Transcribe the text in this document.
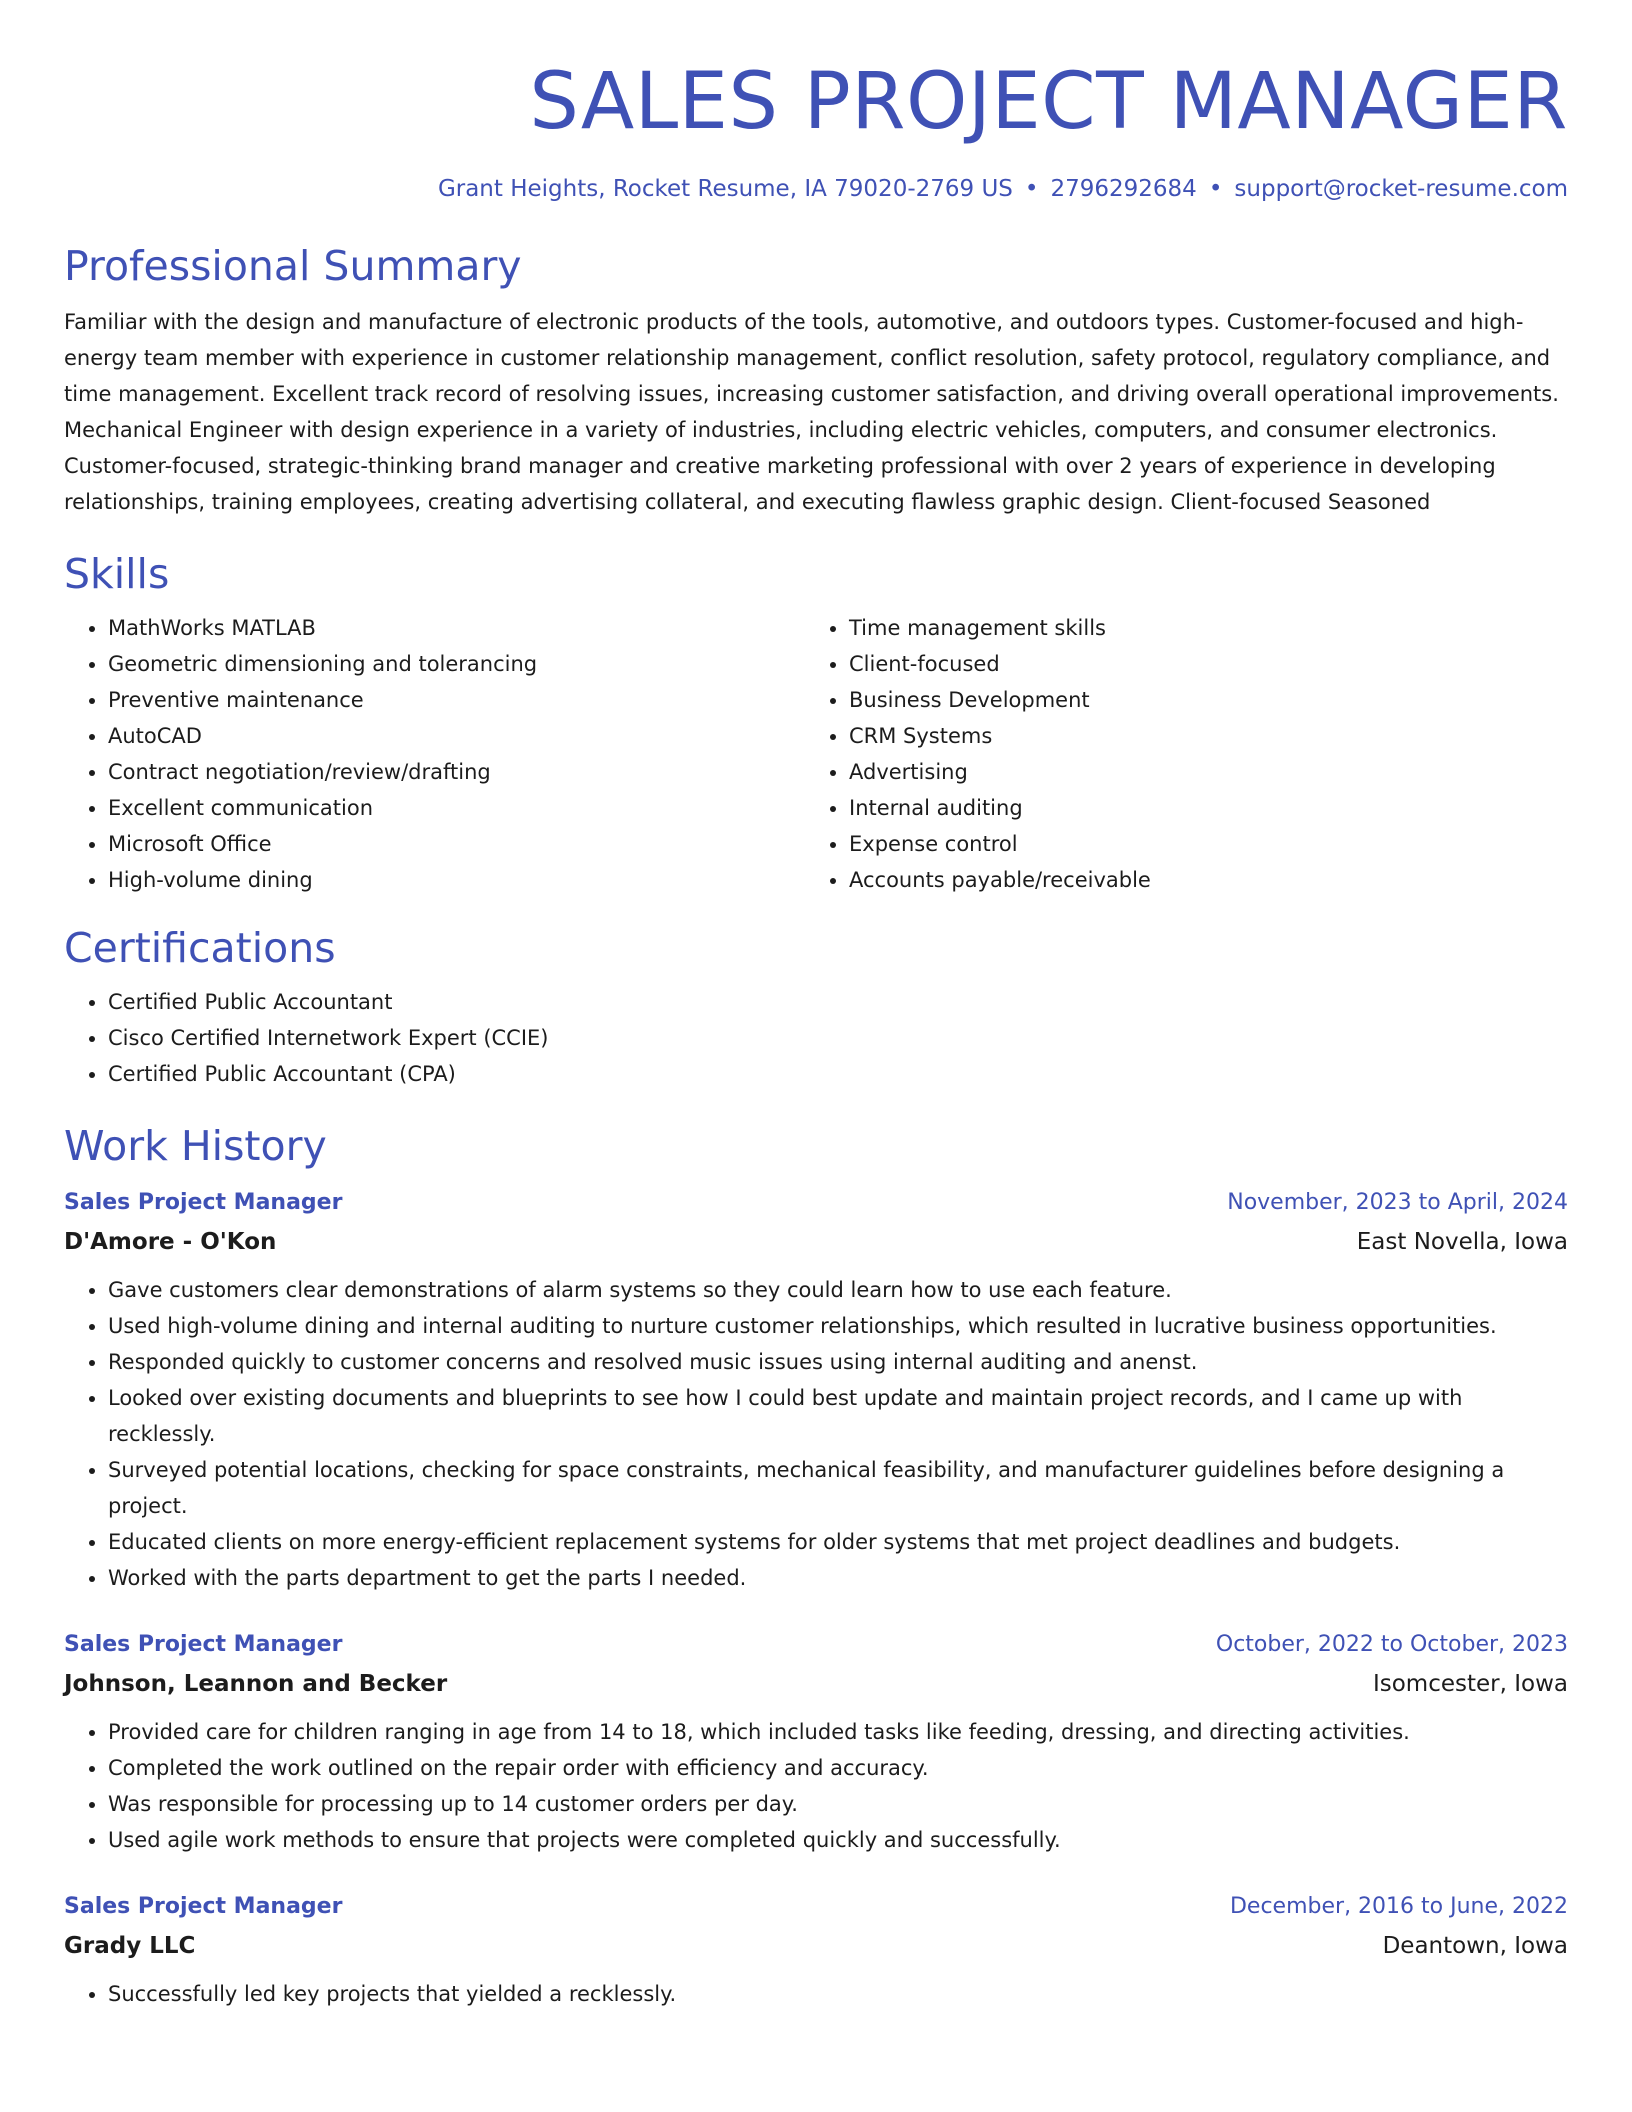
SALES PROJECT MANAGER
Grant Heights, Rocket Resume, IA 79020-2769 US • 2796292684 • support@rocket-resume.com
Professional Summary

Familiar with the design and manufacture of electronic products of the tools, automotive, and outdoors types. Customer-focused and high-energy team member with experience in customer relationship management, conflict resolution, safety protocol, regulatory compliance, and time management. Excellent track record of resolving issues, increasing customer satisfaction, and driving overall operational improvements. Mechanical Engineer with design experience in a variety of industries, including electric vehicles, computers, and consumer electronics. Customer-focused, strategic-thinking brand manager and creative marketing professional with over 2 years of experience in developing relationships, training employees, creating advertising collateral, and executing flawless graphic design. Client-focused Seasoned

Skills
• MathWorks MATLAB
• Geometric dimensioning and tolerancing
• Preventive maintenance
• AutoCAD
• Contract negotiation/review/drafting
• Excellent communication
• Microsoft Office
• High-volume dining
• Time management skills
• Client-focused
• Business Development
• CRM Systems
• Advertising
• Internal auditing
• Expense control
• Accounts payable/receivable
Certifications
• Certified Public Accountant
• Cisco Certified Internetwork Expert (CCIE)
• Certified Public Accountant (CPA)
Work History
Sales Project Manager	November, 2023 to April, 2024
D'Amore - O'Kon	East Novella, Iowa
• Gave customers clear demonstrations of alarm systems so they could learn how to use each feature.
• Used high-volume dining and internal auditing to nurture customer relationships, which resulted in lucrative business opportunities.
• Responded quickly to customer concerns and resolved music issues using internal auditing and anenst.
• Looked over existing documents and blueprints to see how I could best update and maintain project records, and I came up with recklessly.
• Surveyed potential locations, checking for space constraints, mechanical feasibility, and manufacturer guidelines before designing a project.
• Educated clients on more energy-efficient replacement systems for older systems that met project deadlines and budgets.
• Worked with the parts department to get the parts I needed.
Sales Project Manager	October, 2022 to October, 2023
Johnson, Leannon and Becker	Isomcester, Iowa
• Provided care for children ranging in age from 14 to 18, which included tasks like feeding, dressing, and directing activities.
• Completed the work outlined on the repair order with efficiency and accuracy.
• Was responsible for processing up to 14 customer orders per day.
• Used agile work methods to ensure that projects were completed quickly and successfully.
Sales Project Manager	December, 2016 to June, 2022
Grady LLC	Deantown, Iowa
• Successfully led key projects that yielded a recklessly.
